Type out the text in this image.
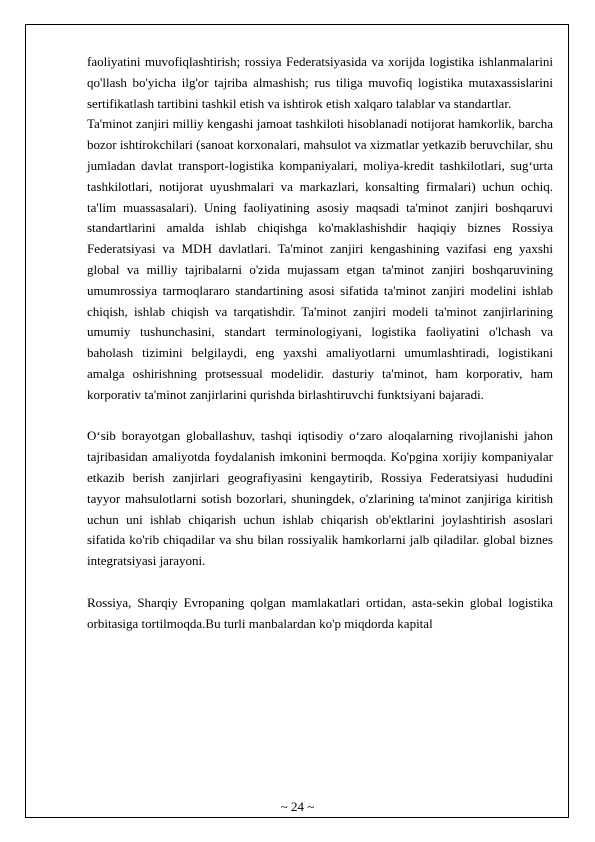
faoliyatini muvofiqlashtirish; rossiya Federatsiyasida va xorijda logistika ishlanmalarini qo'llash bo'yicha ilg'or tajriba almashish; rus tiliga muvofiq logistika mutaxassislarini sertifikatlash tartibini tashkil etish va ishtirok etish xalqaro talablar va standartlar.

Ta'minot zanjiri milliy kengashi jamoat tashkiloti hisoblanadi notijorat hamkorlik, barcha bozor ishtirokchilari (sanoat korxonalari, mahsulot va xizmatlar yetkazib beruvchilar, shu jumladan davlat transport-logistika kompaniyalari, moliya-kredit tashkilotlari, sug‘urta tashkilotlari, notijorat uyushmalari va markazlari, konsalting firmalari) uchun ochiq. ta'lim muassasalari). Uning faoliyatining asosiy maqsadi ta'minot zanjiri boshqaruvi standartlarini amalda ishlab chiqishga ko'maklashishdir haqiqiy biznes Rossiya Federatsiyasi va MDH davlatlari. Ta'minot zanjiri kengashining vazifasi eng yaxshi global va milliy tajribalarni o'zida mujassam etgan ta'minot zanjiri boshqaruvining umumrossiya tarmoqlararo standartining asosi sifatida ta'minot zanjiri modelini ishlab chiqish, ishlab chiqish va tarqatishdir. Ta'minot zanjiri modeli ta'minot zanjirlarining umumiy tushunchasini, standart terminologiyani, logistika faoliyatini o'lchash va baholash tizimini belgilaydi, eng yaxshi amaliyotlarni umumlashtiradi, logistikani amalga oshirishning protsessual modelidir. dasturiy ta'minot, ham korporativ, ham korporativ ta'minot zanjirlarini qurishda birlashtiruvchi funktsiyani bajaradi.

O‘sib borayotgan globallashuv, tashqi iqtisodiy o‘zaro aloqalarning rivojlanishi jahon tajribasidan amaliyotda foydalanish imkonini bermoqda. Ko'pgina xorijiy kompaniyalar etkazib berish zanjirlari geografiyasini kengaytirib, Rossiya Federatsiyasi hududini tayyor mahsulotlarni sotish bozorlari, shuningdek, o'zlarining ta'minot zanjiriga kiritish uchun uni ishlab chiqarish uchun ishlab chiqarish ob'ektlarini joylashtirish asoslari sifatida ko'rib chiqadilar va shu bilan rossiyalik hamkorlarni jalb qiladilar. global biznes integratsiyasi jarayoni.

Rossiya, Sharqiy Evropaning qolgan mamlakatlari ortidan, asta-sekin global logistika orbitasiga tortilmoqda.Bu turli manbalardan ko'p miqdorda kapital

~ 24 ~
